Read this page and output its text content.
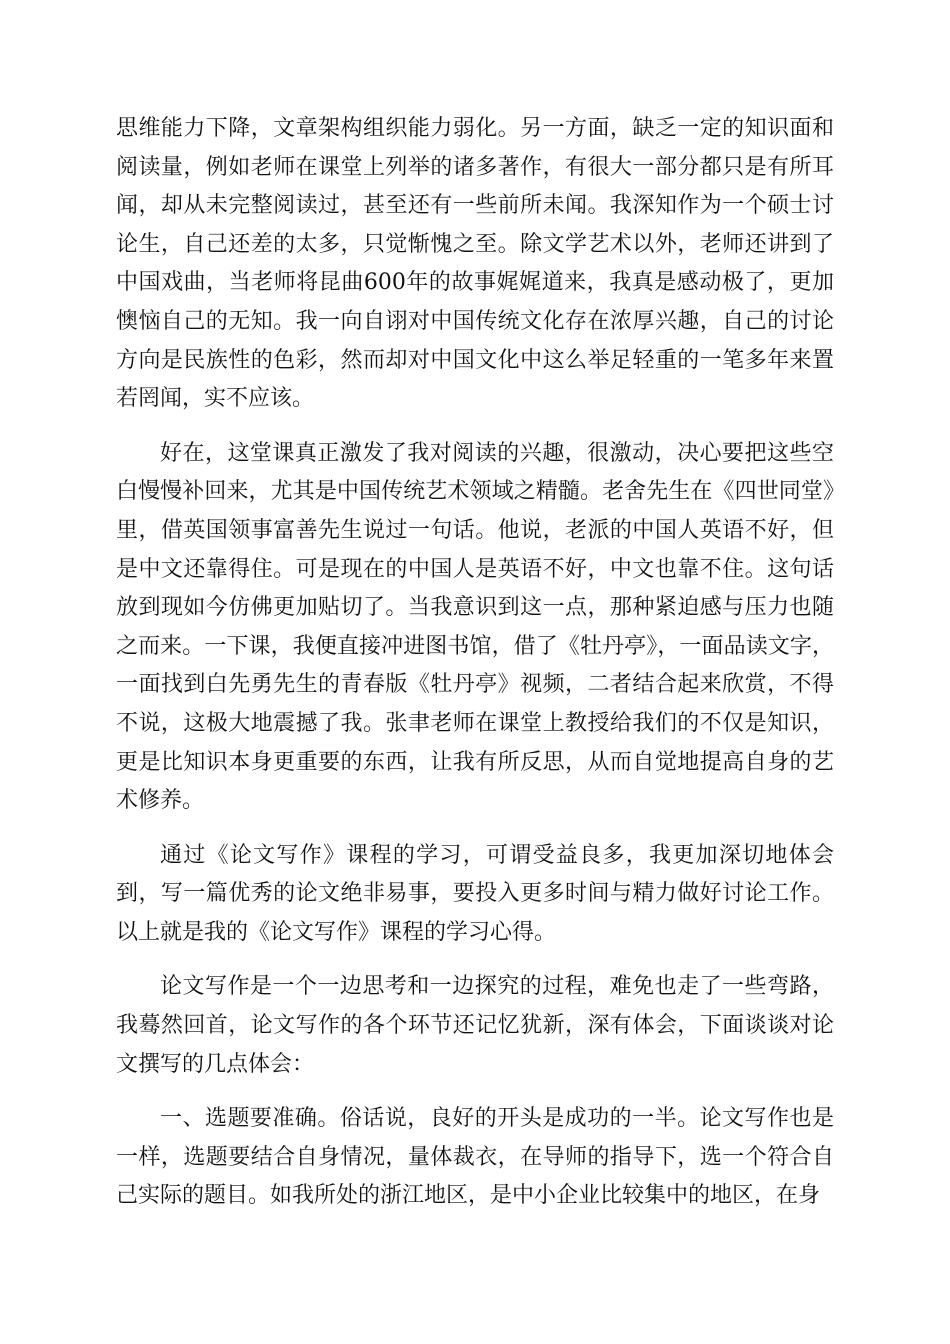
思维能力下降，文章架构组织能力弱化。另一方面，缺乏一定的知识面和阅读量，例如老师在课堂上列举的诸多著作，有很大一部分都只是有所耳闻，却从未完整阅读过，甚至还有一些前所未闻。我深知作为一个硕士讨论生，自己还差的太多，只觉惭愧之至。除文学艺术以外，老师还讲到了中国戏曲，当老师将昆曲600年的故事娓娓道来，我真是感动极了，更加懊恼自己的无知。我一向自诩对中国传统文化存在浓厚兴趣，自己的讨论方向是民族性的色彩，然而却对中国文化中这么举足轻重的一笔多年来置若罔闻，实不应该。

好在，这堂课真正激发了我对阅读的兴趣，很激动，决心要把这些空白慢慢补回来，尤其是中国传统艺术领域之精髓。老舍先生在《四世同堂》里，借英国领事富善先生说过一句话。他说，老派的中国人英语不好，但是中文还靠得住。可是现在的中国人是英语不好，中文也靠不住。这句话放到现如今仿佛更加贴切了。当我意识到这一点，那种紧迫感与压力也随之而来。一下课，我便直接冲进图书馆，借了《牡丹亭》，一面品读文字，一面找到白先勇先生的青春版《牡丹亭》视频，二者结合起来欣赏，不得不说，这极大地震撼了我。张聿老师在课堂上教授给我们的不仅是知识，更是比知识本身更重要的东西，让我有所反思，从而自觉地提高自身的艺术修养。

通过《论文写作》课程的学习，可谓受益良多，我更加深切地体会到，写一篇优秀的论文绝非易事，要投入更多时间与精力做好讨论工作。以上就是我的《论文写作》课程的学习心得。

论文写作是一个一边思考和一边探究的过程，难免也走了一些弯路，我蓦然回首，论文写作的各个环节还记忆犹新，深有体会，下面谈谈对论文撰写的几点体会：

一、选题要准确。俗话说，良好的开头是成功的一半。论文写作也是一样，选题要结合自身情况，量体裁衣，在导师的指导下，选一个符合自己实际的题目。如我所处的浙江地区，是中小企业比较集中的地区，在身
